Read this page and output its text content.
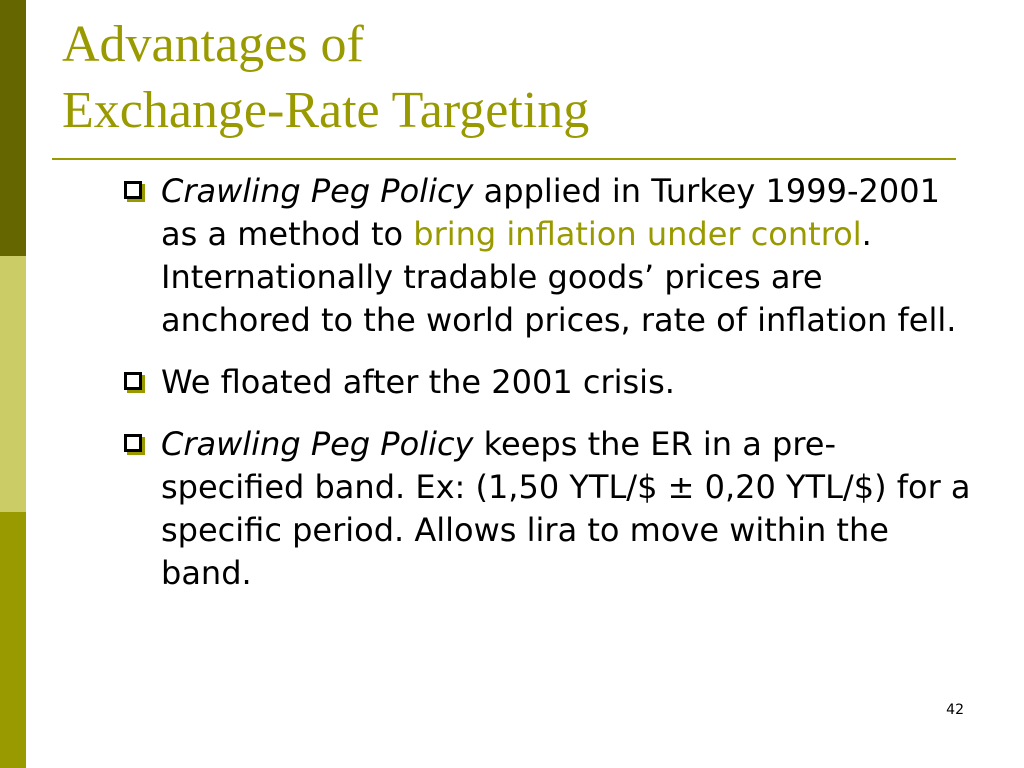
Advantages of
Exchange-Rate Targeting
Crawling Peg Policy applied in Turkey 1999-2001 as a method to bring inflation under control. Internationally tradable goods’ prices are anchored to the world prices, rate of inflation fell.
We floated after the 2001 crisis.
Crawling Peg Policy keeps the ER in a pre-specified band. Ex: (1,50 YTL/$ ± 0,20 YTL/$) for a specific period. Allows lira to move within the band.
42
